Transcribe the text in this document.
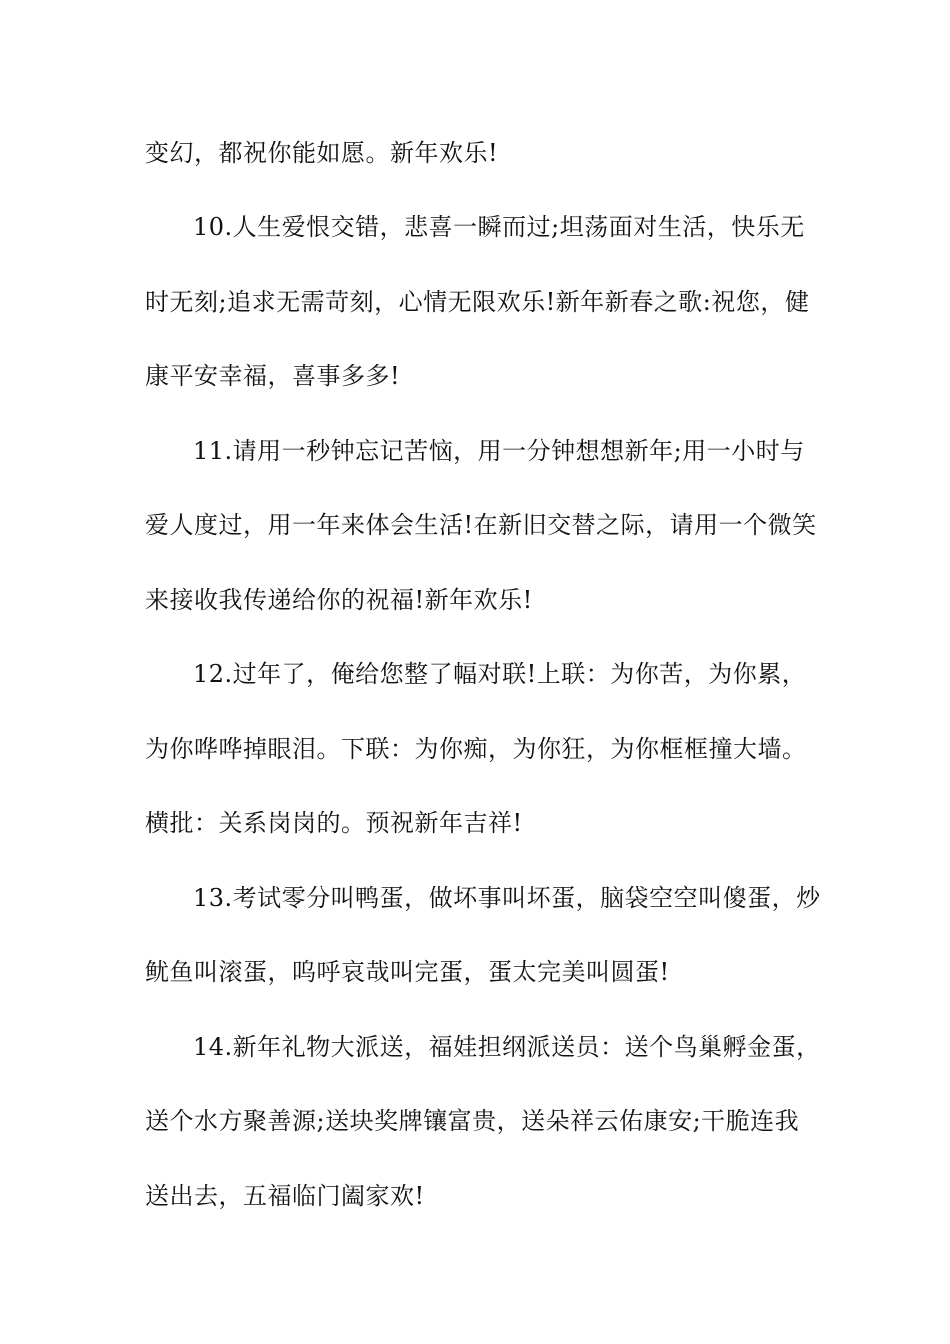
变幻，都祝你能如愿。新年欢乐!
10.人生爱恨交错，悲喜一瞬而过;坦荡面对生活，快乐无
时无刻;追求无需苛刻，心情无限欢乐!新年新春之歌:祝您，健
康平安幸福，喜事多多!
11.请用一秒钟忘记苦恼，用一分钟想想新年;用一小时与
爱人度过，用一年来体会生活!在新旧交替之际，请用一个微笑
来接收我传递给你的祝福!新年欢乐!
12.过年了，俺给您整了幅对联!上联：为你苦，为你累，
为你哗哗掉眼泪。下联：为你痴，为你狂，为你框框撞大墙。
横批：关系岗岗的。预祝新年吉祥!
13.考试零分叫鸭蛋，做坏事叫坏蛋，脑袋空空叫傻蛋，炒
鱿鱼叫滚蛋，呜呼哀哉叫完蛋，蛋太完美叫圆蛋!
14.新年礼物大派送，福娃担纲派送员：送个鸟巢孵金蛋，
送个水方聚善源;送块奖牌镶富贵，送朵祥云佑康安;干脆连我
送出去，五福临门阖家欢!
